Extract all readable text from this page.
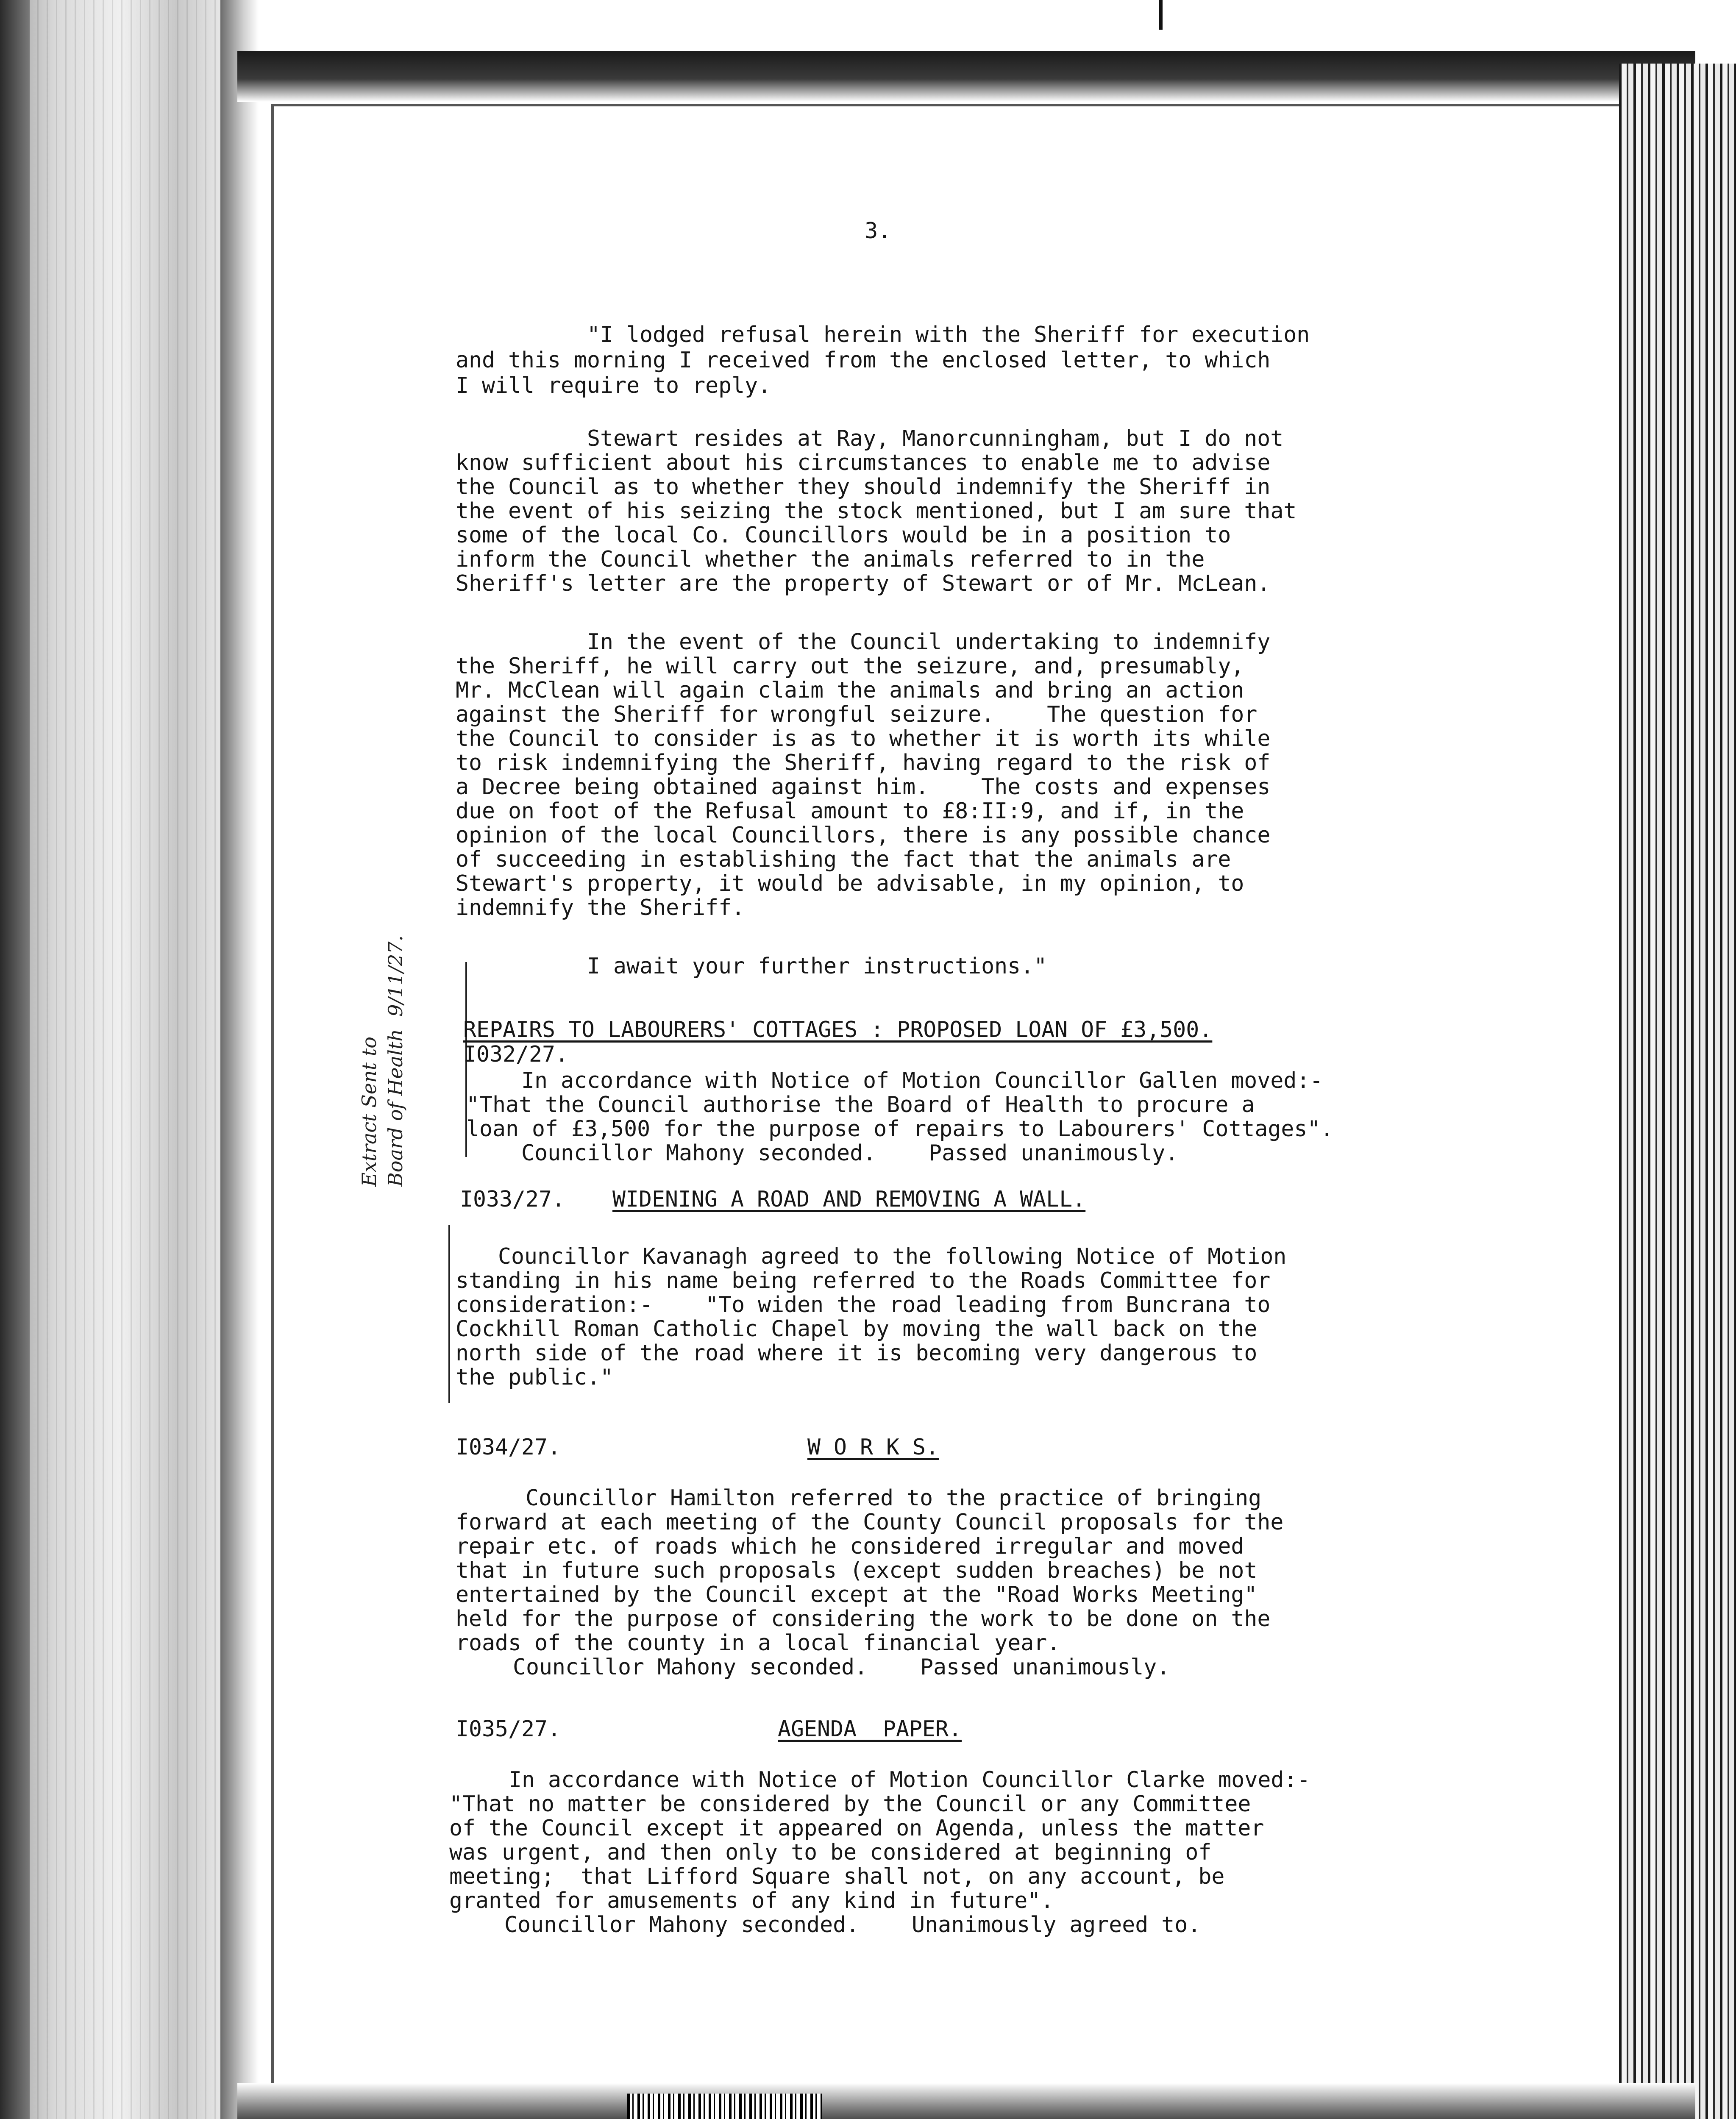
3.
"I lodged refusal herein with the Sheriff for execution
and this morning I received from the enclosed letter, to which
I will require to reply.
Stewart resides at Ray, Manorcunningham, but I do not
know sufficient about his circumstances to enable me to advise
the Council as to whether they should indemnify the Sheriff in
the event of his seizing the stock mentioned, but I am sure that
some of the local Co. Councillors would be in a position to
inform the Council whether the animals referred to in the
Sheriff's letter are the property of Stewart or of Mr. McLean.
In the event of the Council undertaking to indemnify
the Sheriff, he will carry out the seizure, and, presumably,
Mr. McClean will again claim the animals and bring an action
against the Sheriff for wrongful seizure.    The question for
the Council to consider is as to whether it is worth its while
to risk indemnifying the Sheriff, having regard to the risk of
a Decree being obtained against him.    The costs and expenses
due on foot of the Refusal amount to £8:II:9, and if, in the
opinion of the local Councillors, there is any possible chance
of succeeding in establishing the fact that the animals are
Stewart's property, it would be advisable, in my opinion, to
indemnify the Sheriff.
I await your further instructions."
Extract Sent to Board of Health  9/11/27.
REPAIRS TO LABOURERS' COTTAGES : PROPOSED LOAN OF £3,500.
I032/27.
In accordance with Notice of Motion Councillor Gallen moved:-
"That the Council authorise the Board of Health to procure a
loan of £3,500 for the purpose of repairs to Labourers' Cottages".
Councillor Mahony seconded.    Passed unanimously.
I033/27. WIDENING A ROAD AND REMOVING A WALL.
Councillor Kavanagh agreed to the following Notice of Motion
standing in his name being referred to the Roads Committee for
consideration:-    "To widen the road leading from Buncrana to
Cockhill Roman Catholic Chapel by moving the wall back on the
north side of the road where it is becoming very dangerous to
the public."
I034/27.	W O R K S.
Councillor Hamilton referred to the practice of bringing
forward at each meeting of the County Council proposals for the
repair etc. of roads which he considered irregular and moved
that in future such proposals (except sudden breaches) be not
entertained by the Council except at the "Road Works Meeting"
held for the purpose of considering the work to be done on the
roads of the county in a local financial year.
Councillor Mahony seconded.    Passed unanimously.
I035/27.	AGENDA  PAPER.
In accordance with Notice of Motion Councillor Clarke moved:-
"That no matter be considered by the Council or any Committee
of the Council except it appeared on Agenda, unless the matter
was urgent, and then only to be considered at beginning of
meeting;  that Lifford Square shall not, on any account, be
granted for amusements of any kind in future".
Councillor Mahony seconded.    Unanimously agreed to.
